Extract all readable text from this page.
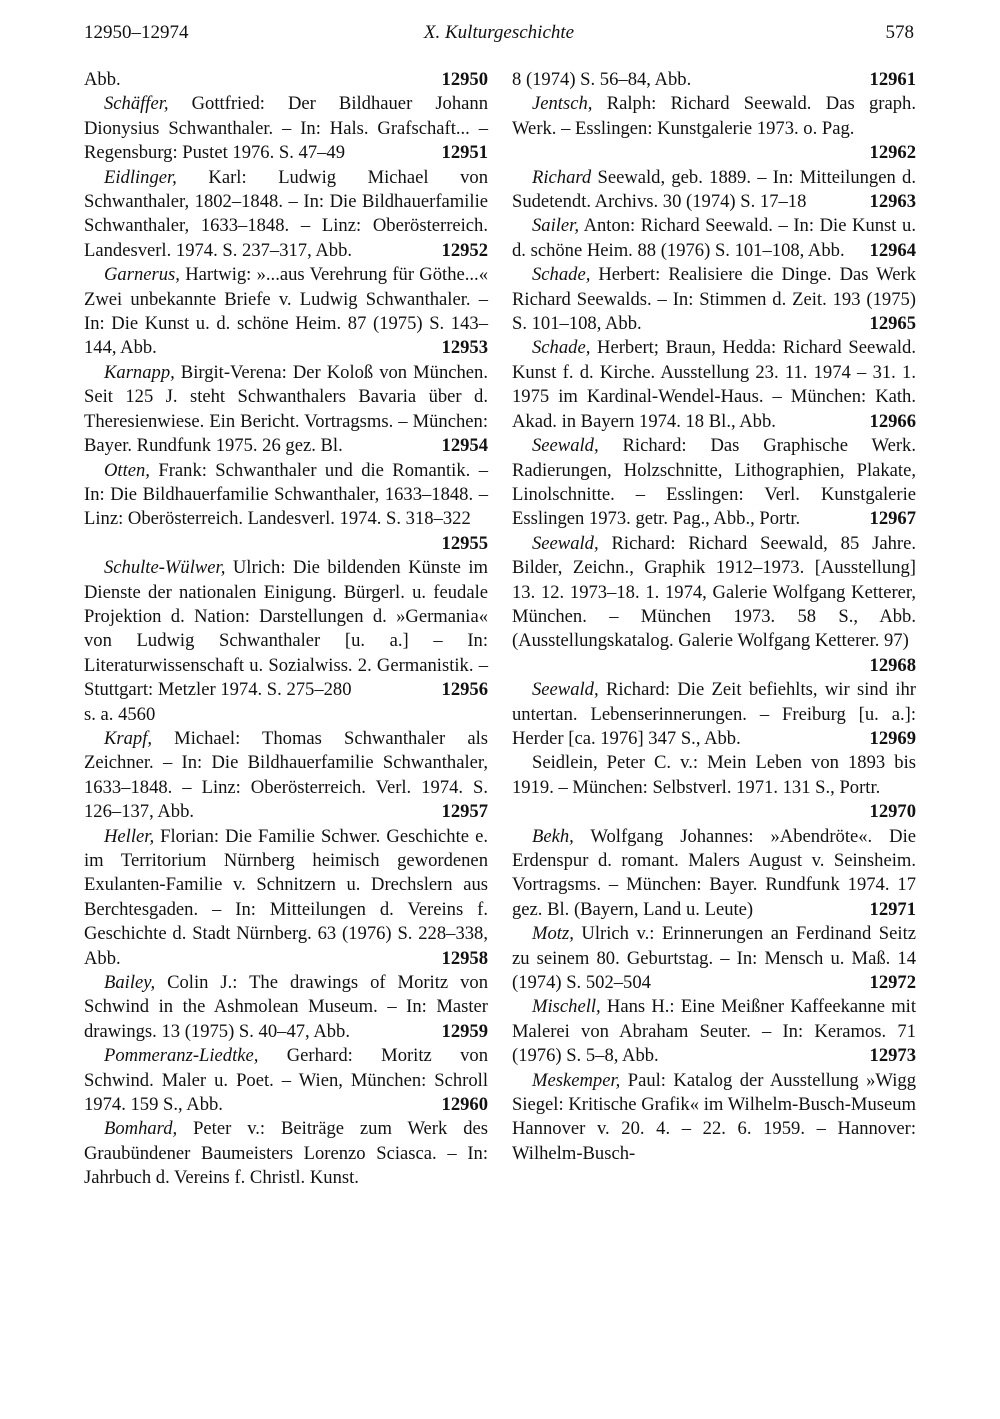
12950–12974	X. Kulturgeschichte	578

Abb.	12950

Schäffer, Gottfried: Der Bildhauer Johann Dionysius Schwanthaler. – In: Hals. Grafschaft... – Regensburg: Pustet 1976. S. 47–49	12951

Eidlinger, Karl: Ludwig Michael von Schwanthaler, 1802–1848. – In: Die Bildhauerfamilie Schwanthaler, 1633–1848. – Linz: Oberösterreich. Landesverl. 1974. S. 237–317, Abb.	12952

Garnerus, Hartwig: »...aus Verehrung für Göthe...« Zwei unbekannte Briefe v. Ludwig Schwanthaler. – In: Die Kunst u. d. schöne Heim. 87 (1975) S. 143–144, Abb.	12953

Karnapp, Birgit-Verena: Der Koloß von München. Seit 125 J. steht Schwanthalers Bavaria über d. Theresienwiese. Ein Bericht. Vortragsms. – München: Bayer. Rundfunk 1975. 26 gez. Bl.	12954

Otten, Frank: Schwanthaler und die Romantik. – In: Die Bildhauerfamilie Schwanthaler, 1633–1848. – Linz: Oberösterreich. Landesverl. 1974. S. 318–322
12955

Schulte-Wülwer, Ulrich: Die bildenden Künste im Dienste der nationalen Einigung. Bürgerl. u. feudale Projektion d. Nation: Darstellungen d. »Germania« von Ludwig Schwanthaler [u. a.] – In: Literaturwissenschaft u. Sozialwiss. 2. Germanistik. – Stuttgart: Metzler 1974. S. 275–280	12956

s. a. 4560

Krapf, Michael: Thomas Schwanthaler als Zeichner. – In: Die Bildhauerfamilie Schwanthaler, 1633–1848. – Linz: Oberösterreich. Verl. 1974. S. 126–137, Abb.	12957

Heller, Florian: Die Familie Schwer. Geschichte e. im Territorium Nürnberg heimisch gewordenen Exulanten-Familie v. Schnitzern u. Drechslern aus Berchtesgaden. – In: Mitteilungen d. Vereins f. Geschichte d. Stadt Nürnberg. 63 (1976) S. 228–338, Abb.	12958

Bailey, Colin J.: The drawings of Moritz von Schwind in the Ashmolean Museum. – In: Master drawings. 13 (1975) S. 40–47, Abb.	12959

Pommeranz-Liedtke, Gerhard: Moritz von Schwind. Maler u. Poet. – Wien, München: Schroll 1974. 159 S., Abb.	12960

Bomhard, Peter v.: Beiträge zum Werk des Graubündener Baumeisters Lorenzo Sciasca. – In: Jahrbuch d. Vereins f. Christl. Kunst.

8 (1974) S. 56–84, Abb.	12961

Jentsch, Ralph: Richard Seewald. Das graph. Werk. – Esslingen: Kunstgalerie 1973. o. Pag.
12962

Richard Seewald, geb. 1889. – In: Mitteilungen d. Sudetendt. Archivs. 30 (1974) S. 17–18	12963

Sailer, Anton: Richard Seewald. – In: Die Kunst u. d. schöne Heim. 88 (1976) S. 101–108, Abb.	12964

Schade, Herbert: Realisiere die Dinge. Das Werk Richard Seewalds. – In: Stimmen d. Zeit. 193 (1975) S. 101–108, Abb.	12965

Schade, Herbert; Braun, Hedda: Richard Seewald. Kunst f. d. Kirche. Ausstellung 23. 11. 1974 – 31. 1. 1975 im Kardinal-Wendel-Haus. – München: Kath. Akad. in Bayern 1974. 18 Bl., Abb.	12966

Seewald, Richard: Das Graphische Werk. Radierungen, Holzschnitte, Lithographien, Plakate, Linolschnitte. – Esslingen: Verl. Kunstgalerie Esslingen 1973. getr. Pag., Abb., Portr.	12967

Seewald, Richard: Richard Seewald, 85 Jahre. Bilder, Zeichn., Graphik 1912–1973. [Ausstellung] 13. 12. 1973–18. 1. 1974, Galerie Wolfgang Ketterer, München. – München 1973. 58 S., Abb. (Ausstellungskatalog. Galerie Wolfgang Ketterer. 97)
12968

Seewald, Richard: Die Zeit befiehlts, wir sind ihr untertan. Lebenserinnerungen. – Freiburg [u. a.]: Herder [ca. 1976] 347 S., Abb.	12969

Seidlein, Peter C. v.: Mein Leben von 1893 bis 1919. – München: Selbstverl. 1971. 131 S., Portr.
12970

Bekh, Wolfgang Johannes: »Abendröte«. Die Erdenspur d. romant. Malers August v. Seinsheim. Vortragsms. – München: Bayer. Rundfunk 1974. 17 gez. Bl. (Bayern, Land u. Leute)	12971

Motz, Ulrich v.: Erinnerungen an Ferdinand Seitz zu seinem 80. Geburtstag. – In: Mensch u. Maß. 14 (1974) S. 502–504	12972

Mischell, Hans H.: Eine Meißner Kaffeekanne mit Malerei von Abraham Seuter. – In: Keramos. 71 (1976) S. 5–8, Abb.	12973

Meskemper, Paul: Katalog der Ausstellung »Wigg Siegel: Kritische Grafik« im Wilhelm-Busch-Museum Hannover v. 20. 4. – 22. 6. 1959. – Hannover: Wilhelm-Busch-
